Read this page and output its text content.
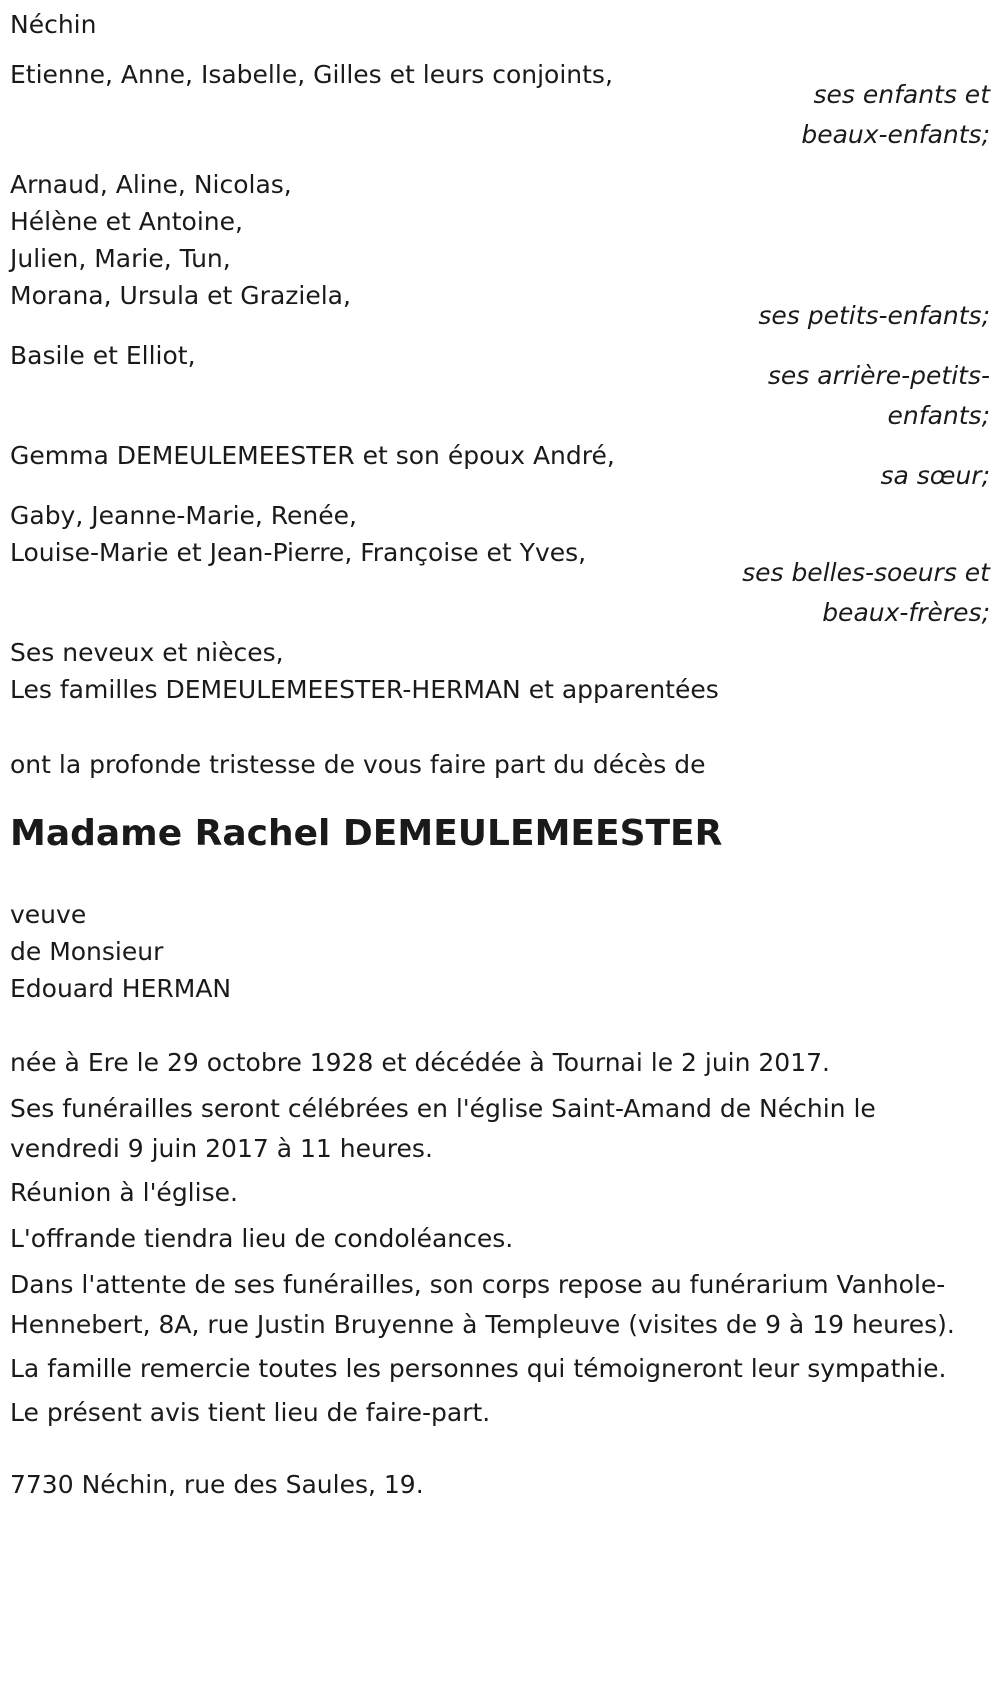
Néchin
Etienne, Anne, Isabelle, Gilles et leurs conjoints,
ses enfants et
beaux-enfants;
Arnaud, Aline, Nicolas,
Hélène et Antoine,
Julien, Marie, Tun,
Morana, Ursula et Graziela,
ses petits-enfants;
Basile et Elliot,
ses arrière-petits-
enfants;
Gemma DEMEULEMEESTER et son époux André,
sa sœur;
Gaby, Jeanne-Marie, Renée,
Louise-Marie et Jean-Pierre, Françoise et Yves,
ses belles-soeurs et
beaux-frères;
Ses neveux et nièces,
Les familles DEMEULEMEESTER-HERMAN et apparentées
ont la profonde tristesse de vous faire part du décès de
Madame Rachel DEMEULEMEESTER
veuve
de Monsieur
Edouard HERMAN
née à Ere le 29 octobre 1928 et décédée à Tournai le 2 juin 2017.
Ses funérailles seront célébrées en l'église Saint-Amand de Néchin le vendredi 9 juin 2017 à 11 heures.
Réunion à l'église.
L'offrande tiendra lieu de condoléances.
Dans l'attente de ses funérailles, son corps repose au funérarium Vanhole-Hennebert, 8A, rue Justin Bruyenne à Templeuve (visites de 9 à 19 heures).
La famille remercie toutes les personnes qui témoigneront leur sympathie.
Le présent avis tient lieu de faire-part.
7730 Néchin, rue des Saules, 19.
